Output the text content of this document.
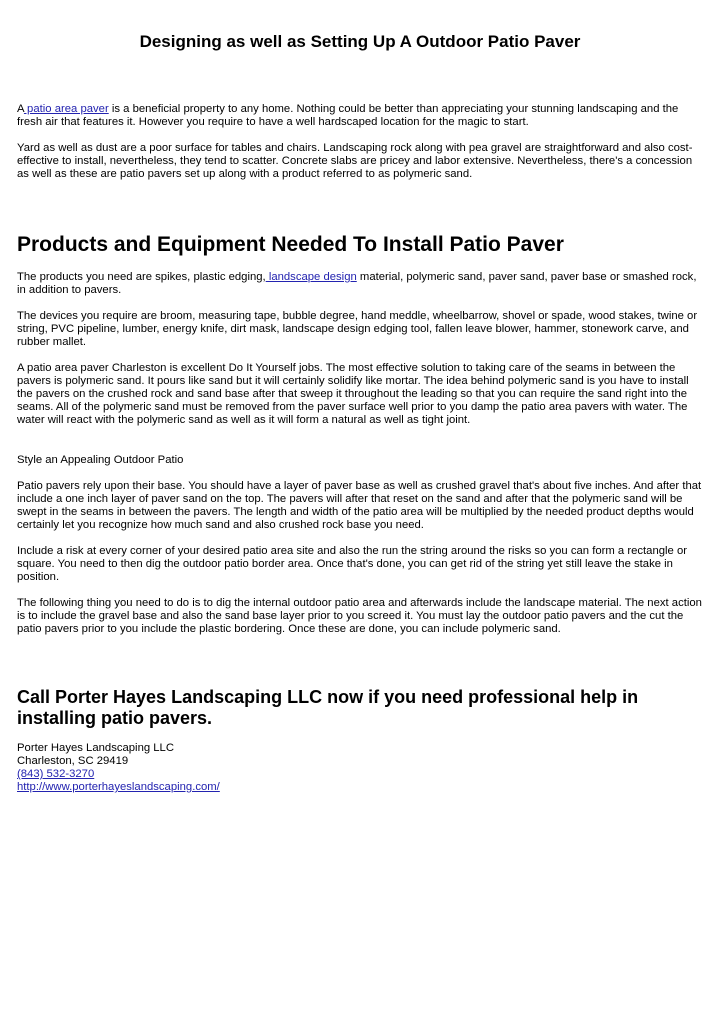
Designing as well as Setting Up A Outdoor Patio Paver

A patio area paver is a beneficial property to any home. Nothing could be better than appreciating your stunning landscaping and the fresh air that features it. However you require to have a well hardscaped location for the magic to start.

Yard as well as dust are a poor surface for tables and chairs. Landscaping rock along with pea gravel are straightforward and also cost-effective to install, nevertheless, they tend to scatter. Concrete slabs are pricey and labor extensive. Nevertheless, there's a concession as well as these are patio pavers set up along with a product referred to as polymeric sand.

Products and Equipment Needed To Install Patio Paver

The products you need are spikes, plastic edging, landscape design material, polymeric sand, paver sand, paver base or smashed rock, in addition to pavers.

The devices you require are broom, measuring tape, bubble degree, hand meddle, wheelbarrow, shovel or spade, wood stakes, twine or string, PVC pipeline, lumber, energy knife, dirt mask, landscape design edging tool, fallen leave blower, hammer, stonework carve, and rubber mallet.

A patio area paver Charleston is excellent Do It Yourself jobs. The most effective solution to taking care of the seams in between the pavers is polymeric sand. It pours like sand but it will certainly solidify like mortar. The idea behind polymeric sand is you have to install the pavers on the crushed rock and sand base after that sweep it throughout the leading so that you can require the sand right into the seams. All of the polymeric sand must be removed from the paver surface well prior to you damp the patio area pavers with water. The water will react with the polymeric sand as well as it will form a natural as well as tight joint.

Style an Appealing Outdoor Patio

Patio pavers rely upon their base. You should have a layer of paver base as well as crushed gravel that's about five inches. And after that include a one inch layer of paver sand on the top. The pavers will after that reset on the sand and after that the polymeric sand will be swept in the seams in between the pavers. The length and width of the patio area will be multiplied by the needed product depths would certainly let you recognize how much sand and also crushed rock base you need.

Include a risk at every corner of your desired patio area site and also the run the string around the risks so you can form a rectangle or square. You need to then dig the outdoor patio border area. Once that's done, you can get rid of the string yet still leave the stake in position.

The following thing you need to do is to dig the internal outdoor patio area and afterwards include the landscape material. The next action is to include the gravel base and also the sand base layer prior to you screed it. You must lay the outdoor patio pavers and the cut the patio pavers prior to you include the plastic bordering. Once these are done, you can include polymeric sand.

Call Porter Hayes Landscaping LLC now if you need professional help in installing patio pavers.

Porter Hayes Landscaping LLC

Charleston, SC 29419

(843) 532-3270

http://www.porterhayeslandscaping.com/
